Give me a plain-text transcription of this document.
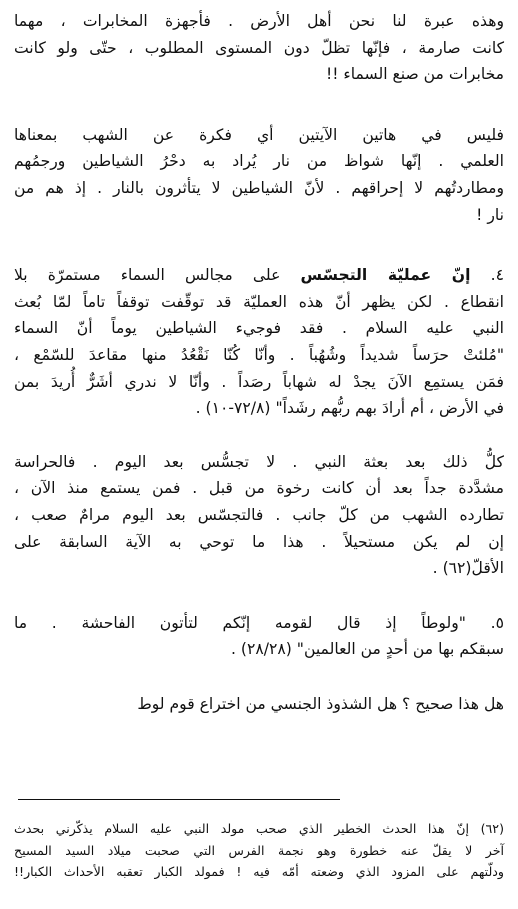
وهذه عبرة لنا نحن أهل الأرض . فأجهزة المخابرات ، مهما
كانت صارمة ، فإنّها تظلّ دون المستوى المطلوب ، حتّى ولو كانت
مخابرات من صنع السماء !!

فليس في هاتين الآيتين أي فكرة عن الشهب بمعناها
العلمي . إنّها شواظ من نار يُراد به دحْرُ الشياطين ورجمُهم
ومطاردتُهم لا إحراقهم . لأنّ الشياطين لا يتأثرون بالنار . إذ هم من
نار !

٤. إنّ عمليّة التجسّس على مجالس السماء مستمرّة بلا
انقطاع . لكن يظهر أنّ هذه العمليّة قد توقّفت توقفاً تاماً لمّا بُعث
النبي عليه السلام . فقد فوجيء الشياطين يوماً أنّ السماء
"مُلئتْ حرَساً شديداً وشُهُباً . وأنّا كُنّا نَقْعُدُ منها مقاعدَ للسّمْع ،
فمَن يستمِع الآنَ يجدْ له شهاباً رصَداً . وأنّا لا ندري أشَرٌّ أُريدَ بمن
في الأرض ، أم أرادَ بهم ربُّهم رشَداً" (٧٢/٨-١٠) .

كلُّ ذلك بعد بعثة النبي . لا تجسُّس بعد اليوم . فالحراسة
مشدَّدة جداً بعد أن كانت رخوة من قبل . فمن يستمع منذ الآن ،
تطارده الشهب من كلّ جانب . فالتجسّس بعد اليوم مرامٌ صعب ،
إن لم يكن مستحيلاً . هذا ما توحي به الآية السابقة على
الأقلّ(٦٢) .

٥. "ولوطاً إذ قال لقومه إنّكم لتأتون الفاحشة . ما
سبقكم بها من أحدٍ من العالمين" (٢٨/٢٨) .

هل هذا صحيح ؟ هل الشذوذ الجنسي من اختراع قوم لوط

(٦٢) إنّ هذا الحدث الخطير الذي صحب مولد النبي عليه السلام يذكّرني بحدث
آخر لا يقلّ عنه خطورة وهو نجمة الفرس التي صحبت ميلاد السيد المسيح
ودلّتهم على المزود الذي وضعته أمّه فيه ! فمولد الكبار تعقبه الأحداث الكبار!!
